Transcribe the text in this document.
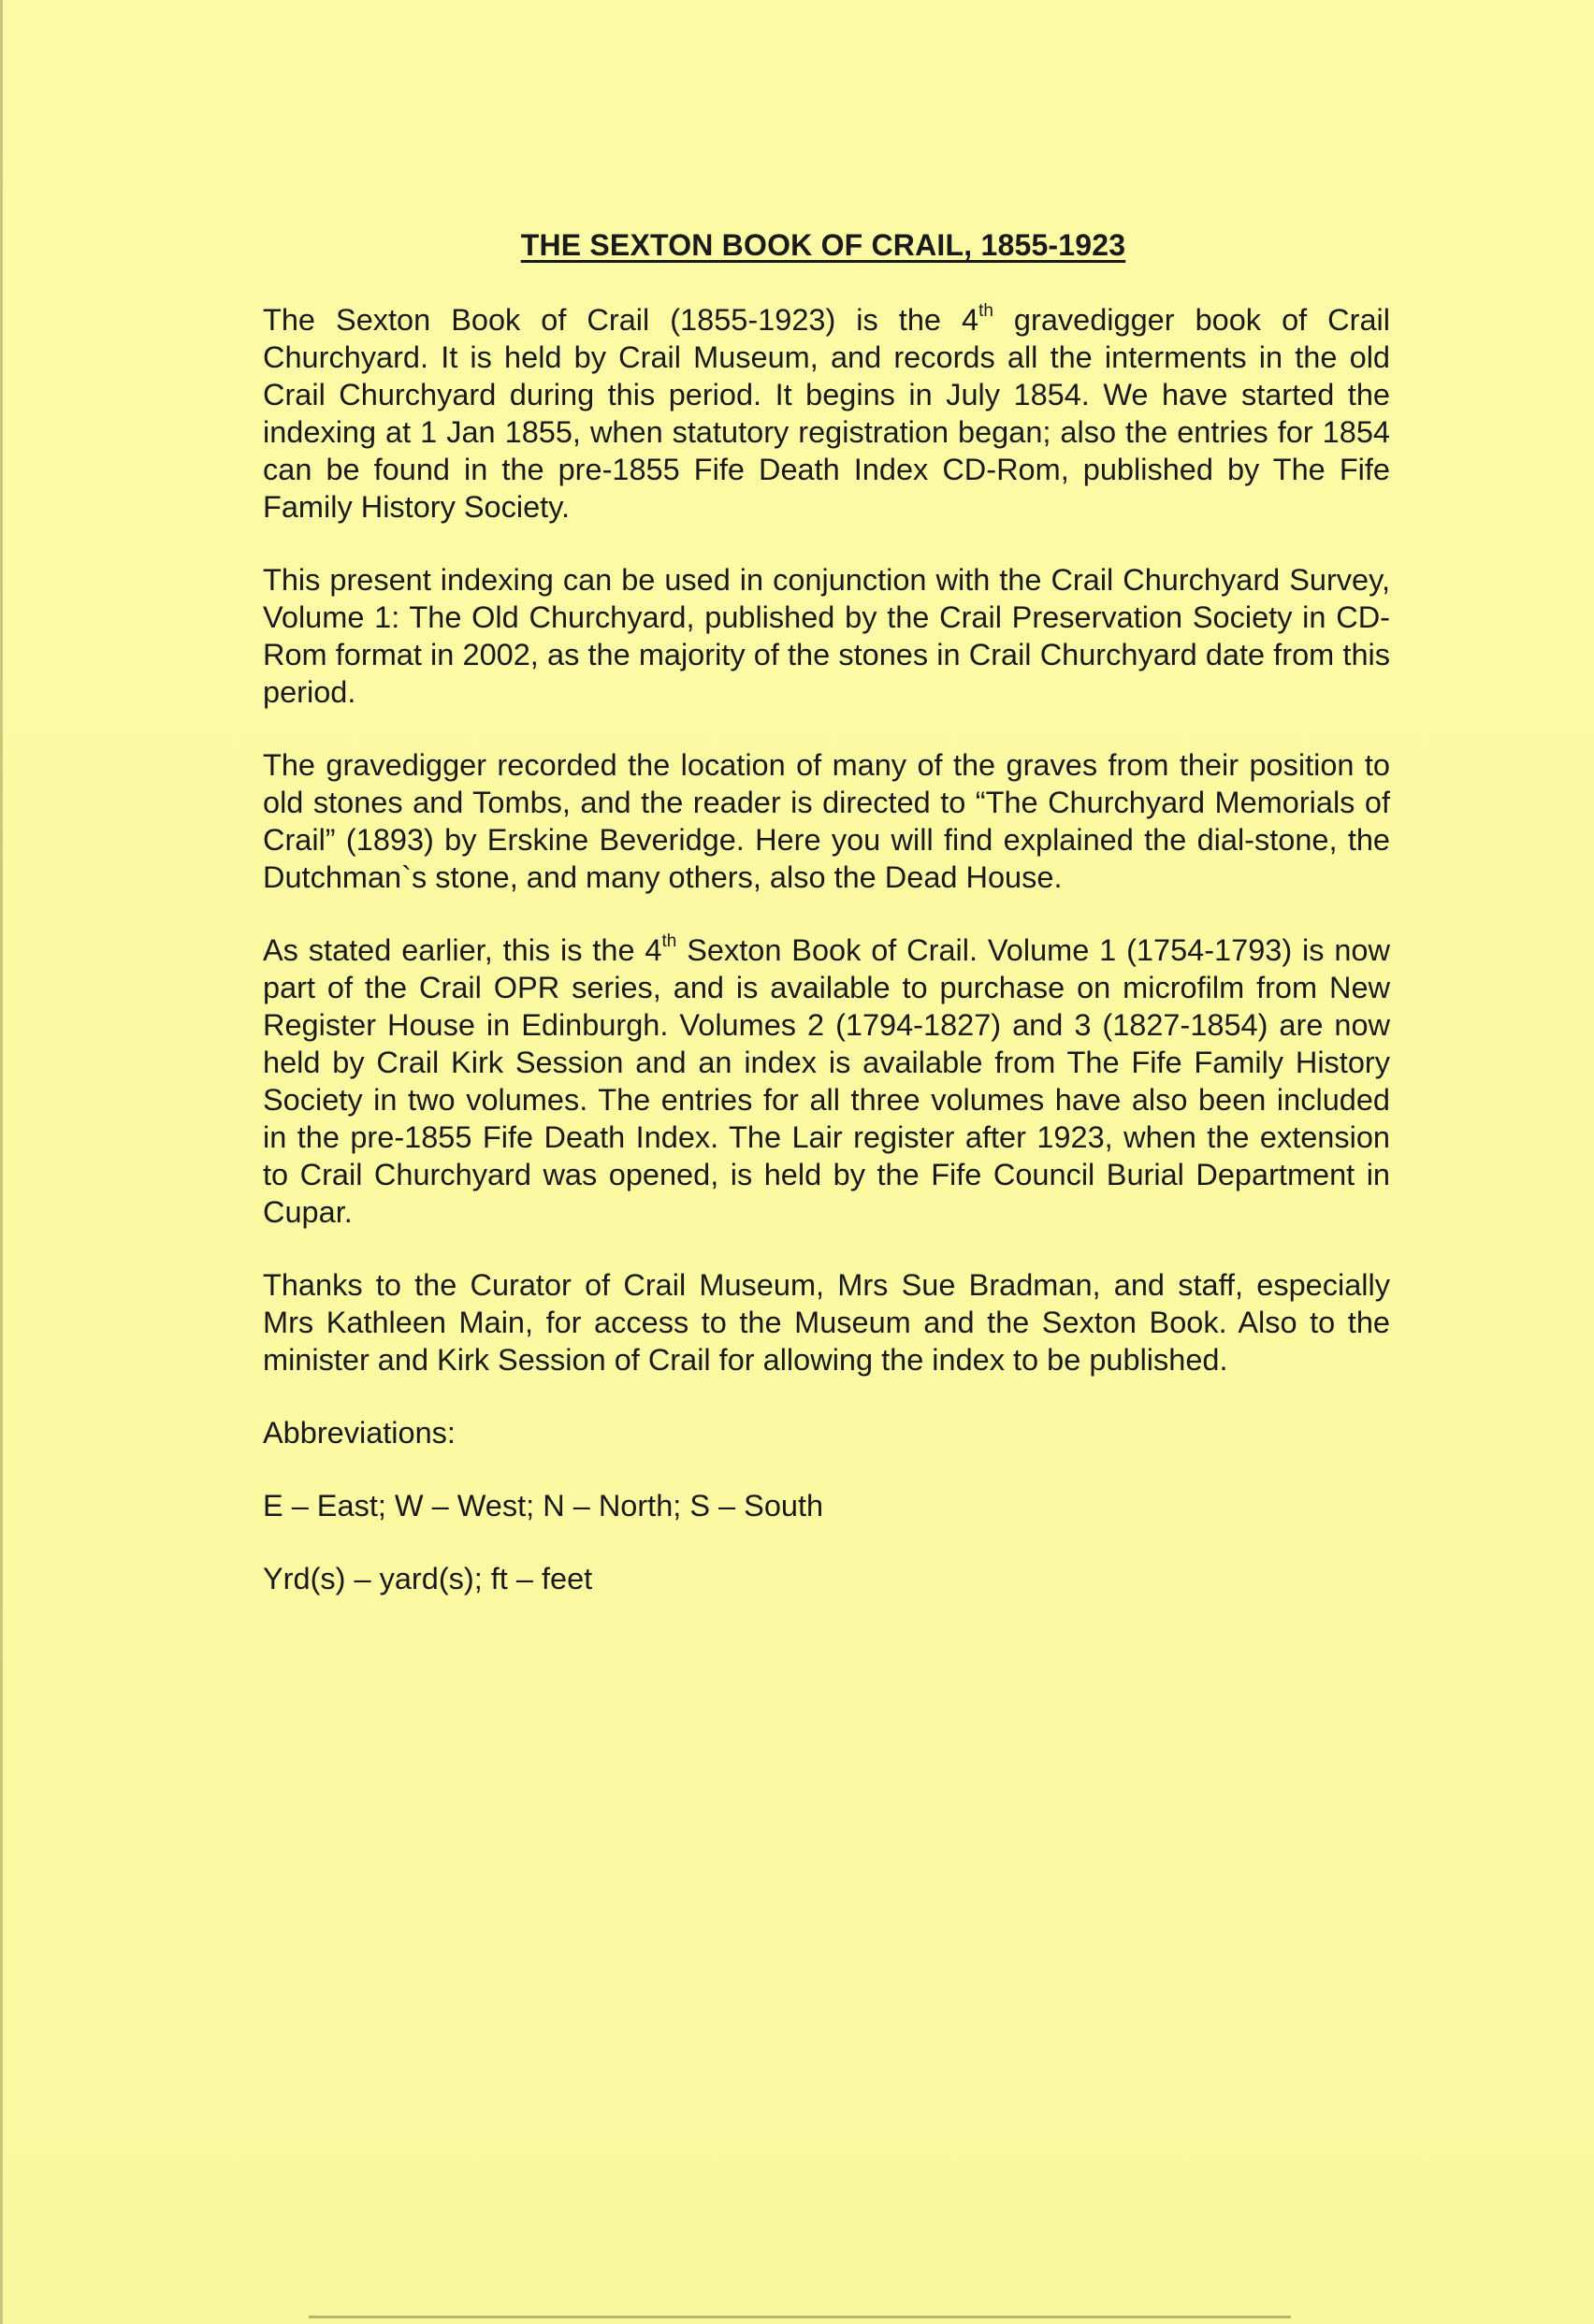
THE SEXTON BOOK OF CRAIL, 1855-1923

The Sexton Book of Crail (1855-1923) is the 4th gravedigger book of Crail Churchyard. It is held by Crail Museum, and records all the interments in the old Crail Churchyard during this period. It begins in July 1854. We have started the indexing at 1 Jan 1855, when statutory registration began; also the entries for 1854 can be found in the pre-1855 Fife Death Index CD-Rom, published by The Fife Family History Society.

This present indexing can be used in conjunction with the Crail Churchyard Survey, Volume 1: The Old Churchyard, published by the Crail Preservation Society in CD-Rom format in 2002, as the majority of the stones in Crail Churchyard date from this period.

The gravedigger recorded the location of many of the graves from their position to old stones and Tombs, and the reader is directed to “The Churchyard Memorials of Crail” (1893) by Erskine Beveridge. Here you will find explained the dial-stone, the Dutchman`s stone, and many others, also the Dead House.

As stated earlier, this is the 4th Sexton Book of Crail. Volume 1 (1754-1793) is now part of the Crail OPR series, and is available to purchase on microfilm from New Register House in Edinburgh. Volumes 2 (1794-1827) and 3 (1827-1854) are now held by Crail Kirk Session and an index is available from The Fife Family History Society in two volumes. The entries for all three volumes have also been included in the pre-1855 Fife Death Index. The Lair register after 1923, when the extension to Crail Churchyard was opened, is held by the Fife Council Burial Department in Cupar.

Thanks to the Curator of Crail Museum, Mrs Sue Bradman, and staff, especially Mrs Kathleen Main, for access to the Museum and the Sexton Book. Also to the minister and Kirk Session of Crail for allowing the index to be published.

Abbreviations:

E – East; W – West; N – North; S – South

Yrd(s) – yard(s); ft – feet
